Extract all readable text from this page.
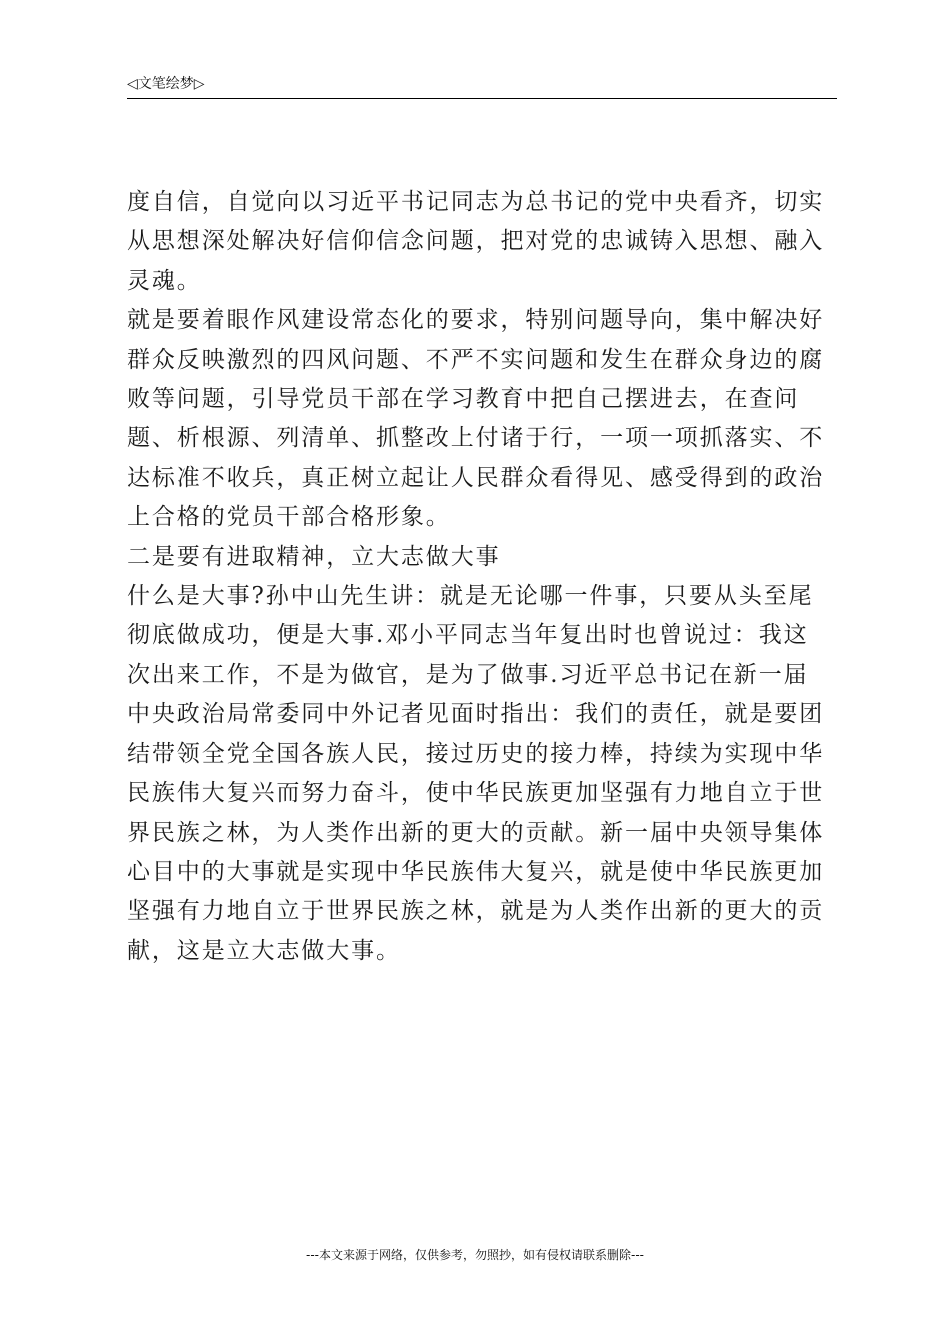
◁文笔绘梦▷

度自信，自觉向以习近平书记同志为总书记的党中央看齐，切实从思想深处解决好信仰信念问题，把对党的忠诚铸入思想、融入灵魂。

就是要着眼作风建设常态化的要求，特别问题导向，集中解决好群众反映激烈的四风问题、不严不实问题和发生在群众身边的腐败等问题，引导党员干部在学习教育中把自己摆进去，在查问题、析根源、列清单、抓整改上付诸于行，一项一项抓落实、不达标准不收兵，真正树立起让人民群众看得见、感受得到的政治上合格的党员干部合格形象。

二是要有进取精神，立大志做大事

什么是大事?孙中山先生讲：就是无论哪一件事，只要从头至尾彻底做成功，便是大事.邓小平同志当年复出时也曾说过：我这次出来工作，不是为做官，是为了做事.习近平总书记在新一届中央政治局常委同中外记者见面时指出：我们的责任，就是要团结带领全党全国各族人民，接过历史的接力棒，持续为实现中华民族伟大复兴而努力奋斗，使中华民族更加坚强有力地自立于世界民族之林，为人类作出新的更大的贡献。新一届中央领导集体心目中的大事就是实现中华民族伟大复兴，就是使中华民族更加坚强有力地自立于世界民族之林，就是为人类作出新的更大的贡献，这是立大志做大事。

---本文来源于网络，仅供参考，勿照抄，如有侵权请联系删除---
